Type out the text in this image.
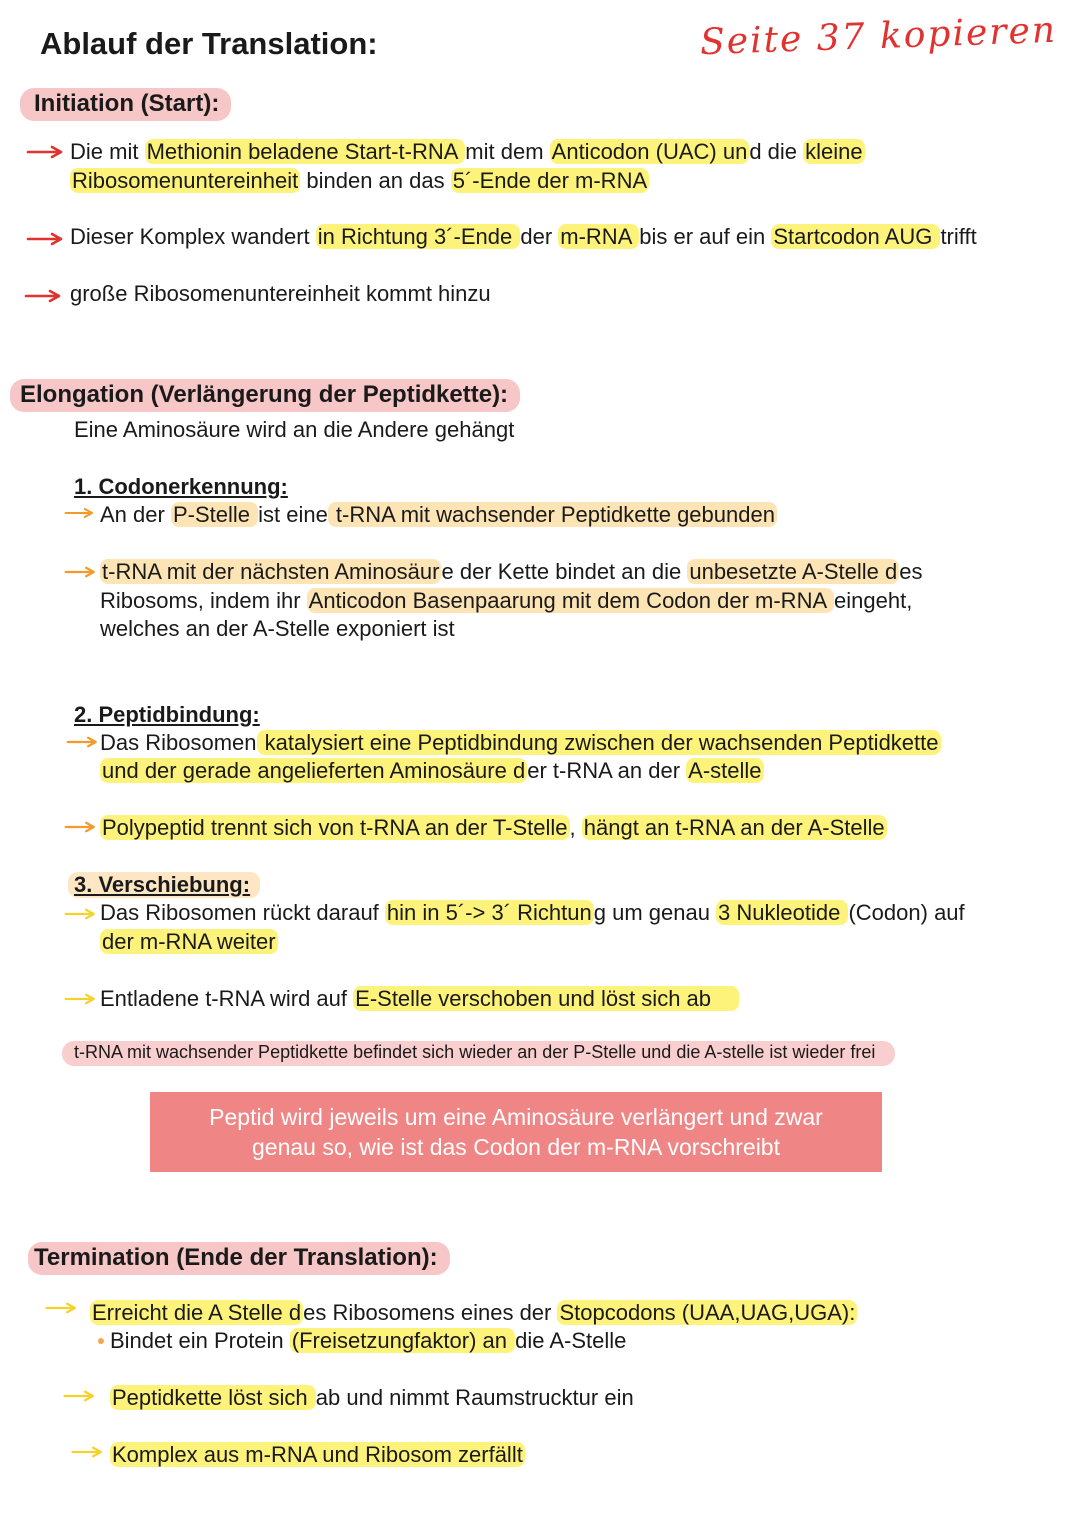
Ablauf der Translation:	Seite 37 kopieren
Initiation (Start):
Die mit Methionin beladene Start-t-RNA mit dem Anticodon (UAC) und die kleine
Ribosomenuntereinheit binden an das 5´-Ende der m-RNA
Dieser Komplex wandert in Richtung 3´-Ende der m-RNA bis er auf ein Startcodon AUG trifft
große Ribosomenuntereinheit kommt hinzu
Elongation (Verlängerung der Peptidkette):
Eine Aminosäure wird an die Andere gehängt
1. Codonerkennung:
An der P-Stelle ist eine t-RNA mit wachsender Peptidkette gebunden
t-RNA mit der nächsten Aminosäure der Kette bindet an die unbesetzte A-Stelle des
Ribosoms, indem ihr Anticodon Basenpaarung mit dem Codon der m-RNA eingeht,
welches an der A-Stelle exponiert ist
2. Peptidbindung:
Das Ribosomen katalysiert eine Peptidbindung zwischen der wachsenden Peptidkette
und der gerade angelieferten Aminosäure der t-RNA an der A-stelle
Polypeptid trennt sich von t-RNA an der T-Stelle, hängt an t-RNA an der A-Stelle
3. Verschiebung:
Das Ribosomen rückt darauf hin in 5´-> 3´ Richtung um genau 3 Nukleotide (Codon) auf
der m-RNA weiter
Entladene t-RNA wird auf E-Stelle verschoben und löst sich ab
t-RNA mit wachsender Peptidkette befindet sich wieder an der P-Stelle und die A-stelle ist wieder frei
Peptid wird jeweils um eine Aminosäure verlängert und zwar
genau so, wie ist das Codon der m-RNA vorschreibt
Termination (Ende der Translation):
Erreicht die A Stelle des Ribosomens eines der Stopcodons (UAA,UAG,UGA):
Bindet ein Protein (Freisetzungfaktor) an die A-Stelle
Peptidkette löst sich ab und nimmt Raumstrucktur ein
Komplex aus m-RNA und Ribosom zerfällt
